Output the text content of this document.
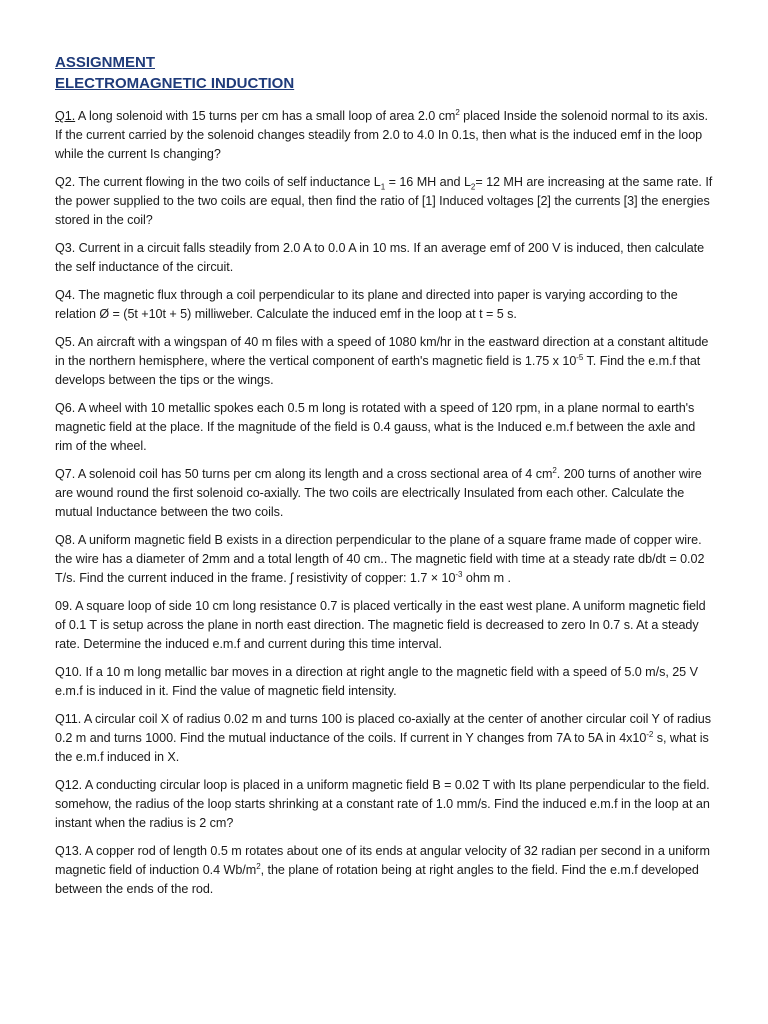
ASSIGNMENT

ELECTROMAGNETIC INDUCTION

Q1. A long solenoid with 15 turns per cm has a small loop of area 2.0 $cm^2$ placed Inside the solenoid normal to its axis. If the current carried by the solenoid changes steadily from 2.0 to 4.0 In 0.1s, then what is the induced emf in the loop while the current Is changing?

Q2. The current flowing in the two coils of self inductance $L_1 = 16$ MH and $L_2= 12$ MH are increasing at the same rate. If the power supplied to the two coils are equal, then find the ratio of [1] Induced voltages [2] the currents [3] the energies stored in the coil?

Q3. Current in a circuit falls steadily from 2.0 A to 0.0 A in 10 ms. If an average emf of 200 V is induced, then calculate the self inductance of the circuit.

Q4. The magnetic flux through a coil perpendicular to its plane and directed into paper is varying according to the relation Ø = (5t +10t + 5) milliweber. Calculate the induced emf in the loop at t = 5 s.

Q5. An aircraft with a wingspan of 40 m files with a speed of 1080 km/hr in the eastward direction at a constant altitude in the northern hemisphere, where the vertical component of earth's magnetic field is 1.75 x $10^{-5}$ T. Find the e.m.f that develops between the tips or the wings.

Q6. A wheel with 10 metallic spokes each 0.5 m long is rotated with a speed of 120 rpm, in a plane normal to earth's magnetic field at the place. If the magnitude of the field is 0.4 gauss, what is the Induced e.m.f between the axle and rim of the wheel.

Q7. A solenoid coil has 50 turns per cm along its length and a cross sectional area of 4 $cm^2$. 200 turns of another wire are wound round the first solenoid co-axially. The two coils are electrically Insulated from each other. Calculate the mutual Inductance between the two coils.

Q8. A uniform magnetic field B exists in a direction perpendicular to the plane of a square frame made of copper wire. the wire has a diameter of 2mm and a total length of 40 cm.. The magnetic field with time at a steady rate db/dt = 0.02 T/s. Find the current induced in the frame. ʃ resistivity of copper: $1.7 \times 10^{-3}$ ohm m .

09. A square loop of side 10 cm long resistance 0.7 is placed vertically in the east west plane. A uniform magnetic field of 0.1 T is setup across the plane in north east direction. The magnetic field is decreased to zero In 0.7 s. At a steady rate. Determine the induced e.m.f and current during this time interval.

Q10. If a 10 m long metallic bar moves in a direction at right angle to the magnetic field with a speed of 5.0 m/s, 25 V e.m.f is induced in it. Find the value of magnetic field intensity.

Q11. A circular coil X of radius 0.02 m and turns 100 is placed co-axially at the center of another circular coil Y of radius 0.2 m and turns 1000. Find the mutual inductance of the coils. If current in Y changes from 7A to 5A in $4x10^{-2}$ s, what is the e.m.f induced in X.

Q12. A conducting circular loop is placed in a uniform magnetic field B = 0.02 T with Its plane perpendicular to the field. somehow, the radius of the loop starts shrinking at a constant rate of 1.0 mm/s. Find the induced e.m.f in the loop at an instant when the radius is 2 cm?

Q13. A copper rod of length 0.5 m rotates about one of its ends at angular velocity of 32 radian per second in a uniform magnetic field of induction 0.4 $Wb/m^2$, the plane of rotation being at right angles to the field. Find the e.m.f developed between the ends of the rod.
